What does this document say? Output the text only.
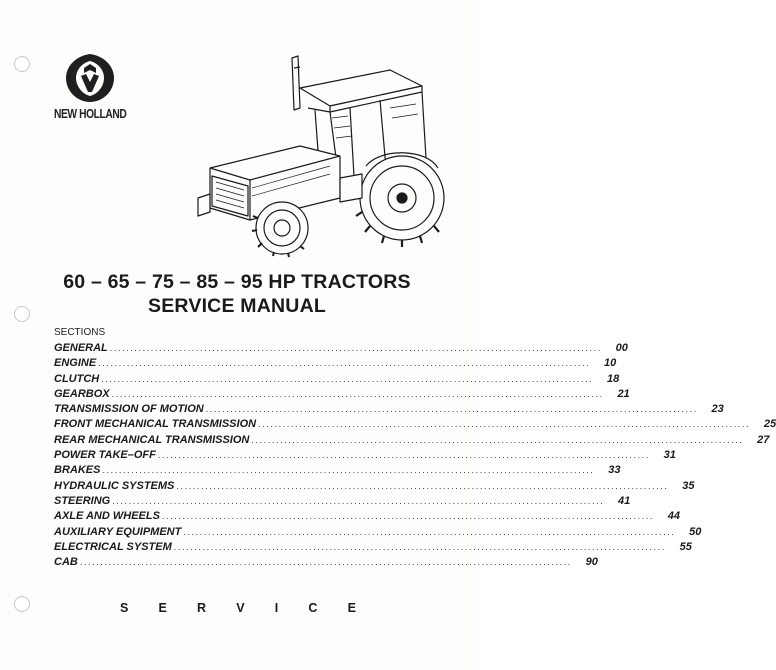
NEW HOLLAND
60 – 65 – 75 – 85 – 95 HP TRACTORS
SERVICE MANUAL
SECTIONS
GENERAL ........................................................................................................................	00
ENGINE ........................................................................................................................	10
CLUTCH ........................................................................................................................	18
GEARBOX ........................................................................................................................	21
TRANSMISSION OF MOTION ........................................................................................................................	23
FRONT MECHANICAL TRANSMISSION ........................................................................................................................	25
REAR MECHANICAL TRANSMISSION ........................................................................................................................	27
POWER TAKE–OFF ........................................................................................................................	31
BRAKES ........................................................................................................................	33
HYDRAULIC SYSTEMS ........................................................................................................................	35
STEERING ........................................................................................................................	41
AXLE AND WHEELS ........................................................................................................................	44
AUXILIARY EQUIPMENT ........................................................................................................................	50
ELECTRICAL SYSTEM ........................................................................................................................	55
CAB ........................................................................................................................	90
S E R V I C E
